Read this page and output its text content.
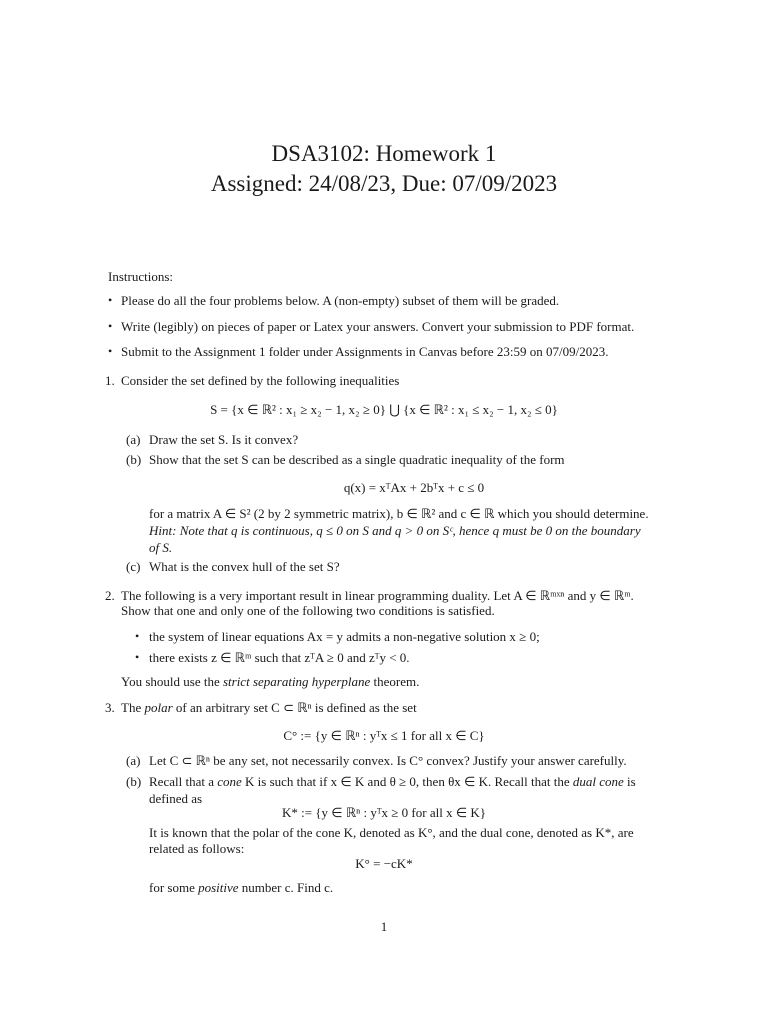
DSA3102: Homework 1
Assigned: 24/08/23, Due: 07/09/2023
Instructions:
• Please do all the four problems below. A (non-empty) subset of them will be graded.
• Write (legibly) on pieces of paper or Latex your answers. Convert your submission to PDF format.
• Submit to the Assignment 1 folder under Assignments in Canvas before 23:59 on 07/09/2023.
1. Consider the set defined by the following inequalities
S = {x ∈ ℝ² : x₁ ≥ x₂ − 1, x₂ ≥ 0} ⋃ {x ∈ ℝ² : x₁ ≤ x₂ − 1, x₂ ≤ 0}
(a) Draw the set S. Is it convex?
(b) Show that the set S can be described as a single quadratic inequality of the form
q(x) = xᵀAx + 2bᵀx + c ≤ 0
for a matrix A ∈ S² (2 by 2 symmetric matrix), b ∈ ℝ² and c ∈ ℝ which you should determine.
Hint: Note that q is continuous, q ≤ 0 on S and q > 0 on Sᶜ, hence q must be 0 on the boundary
of S.
(c) What is the convex hull of the set S?
2. The following is a very important result in linear programming duality. Let A ∈ ℝᵐˣⁿ and y ∈ ℝᵐ.
Show that one and only one of the following two conditions is satisfied.
• the system of linear equations Ax = y admits a non-negative solution x ≥ 0;
• there exists z ∈ ℝᵐ such that zᵀA ≥ 0 and zᵀy < 0.
You should use the strict separating hyperplane theorem.
3. The polar of an arbitrary set C ⊂ ℝⁿ is defined as the set
C° := {y ∈ ℝⁿ : yᵀx ≤ 1 for all x ∈ C}
(a) Let C ⊂ ℝⁿ be any set, not necessarily convex. Is C° convex? Justify your answer carefully.
(b) Recall that a cone K is such that if x ∈ K and θ ≥ 0, then θx ∈ K. Recall that the dual cone is
defined as
K* := {y ∈ ℝⁿ : yᵀx ≥ 0 for all x ∈ K}
It is known that the polar of the cone K, denoted as K°, and the dual cone, denoted as K*, are
related as follows:
K° = −cK*
for some positive number c. Find c.
1
